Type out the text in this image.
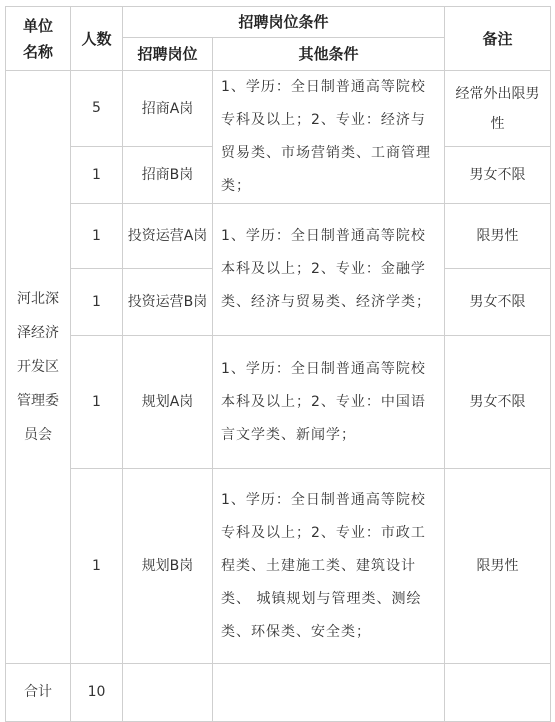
单位名称	人数	招聘岗位条件		备注
		招聘岗位	其他条件	

河北深泽经济开发区管理委员会	5	招商A岗	1、学历：全日制普通高等院校专科及以上；2、专业：经济与贸易类、市场营销类、工商管理类；	经常外出限男性

	1	招商B岗		男女不限

	1	投资运营A岗	1、学历：全日制普通高等院校本科及以上；2、专业：金融学类、经济与贸易类、经济学类；	限男性

	1	投资运营B岗		男女不限

	1	规划A岗	1、学历：全日制普通高等院校本科及以上；2、专业：中国语言文学类、新闻学；	男女不限

	1	规划B岗	1、学历：全日制普通高等院校专科及以上；2、专业：市政工程类、土建施工类、建筑设计类、 城镇规划与管理类、测绘类、环保类、安全类；	限男性

合计	10			
